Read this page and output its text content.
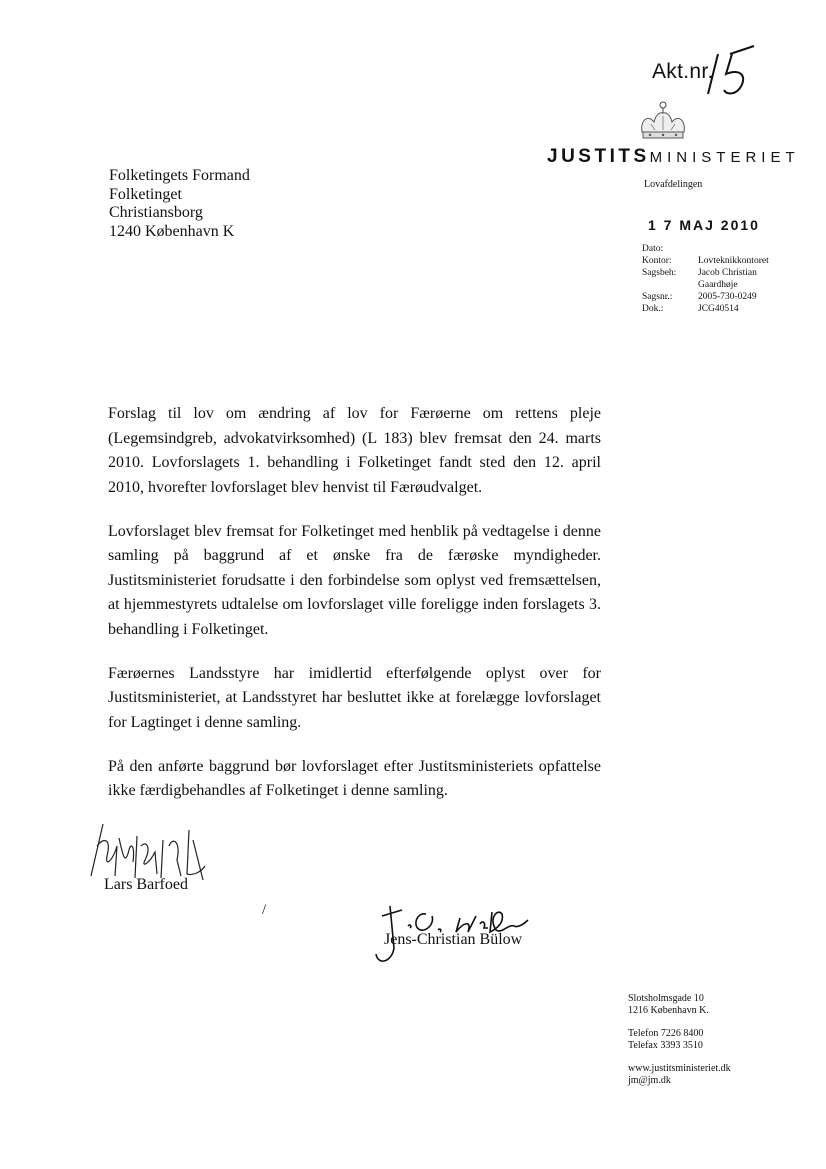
Akt.nr.
JUSTITSMINISTERIET
Lovafdelingen
1 7 MAJ 2010
Dato:
Kontor:	Lovteknikkontoret
Sagsbeh:	Jacob Christian
Gaardhøje
Sagsnr.:	2005-730-0249
Dok.:	JCG40514
Folketingets Formand
Folketinget
Christiansborg
1240 København K

Forslag til lov om ændring af lov for Færøerne om rettens pleje (Legemsindgreb, advokatvirksomhed) (L 183) blev fremsat den 24. marts 2010. Lovforslagets 1. behandling i Folketinget fandt sted den 12. april 2010, hvorefter lovforslaget blev henvist til Færøudvalget.

Lovforslaget blev fremsat for Folketinget med henblik på vedtagelse i denne samling på baggrund af et ønske fra de færøske myndigheder. Justitsministeriet forudsatte i den forbindelse som oplyst ved fremsættelsen, at hjemmestyrets udtalelse om lovforslaget ville foreligge inden forslagets 3. behandling i Folketinget.

Færøernes Landsstyre har imidlertid efterfølgende oplyst over for Justitsministeriet, at Landsstyret har besluttet ikke at forelægge lovforslaget for Lagtinget i denne samling.

På den anførte baggrund bør lovforslaget efter Justitsministeriets opfattelse ikke færdigbehandles af Folketinget i denne samling.

Lars Barfoed
/
Jens-Christian Bülow
Slotsholmsgade 10
1216 København K.
Telefon 7226 8400
Telefax 3393 3510
www.justitsministeriet.dk
jm@jm.dk
